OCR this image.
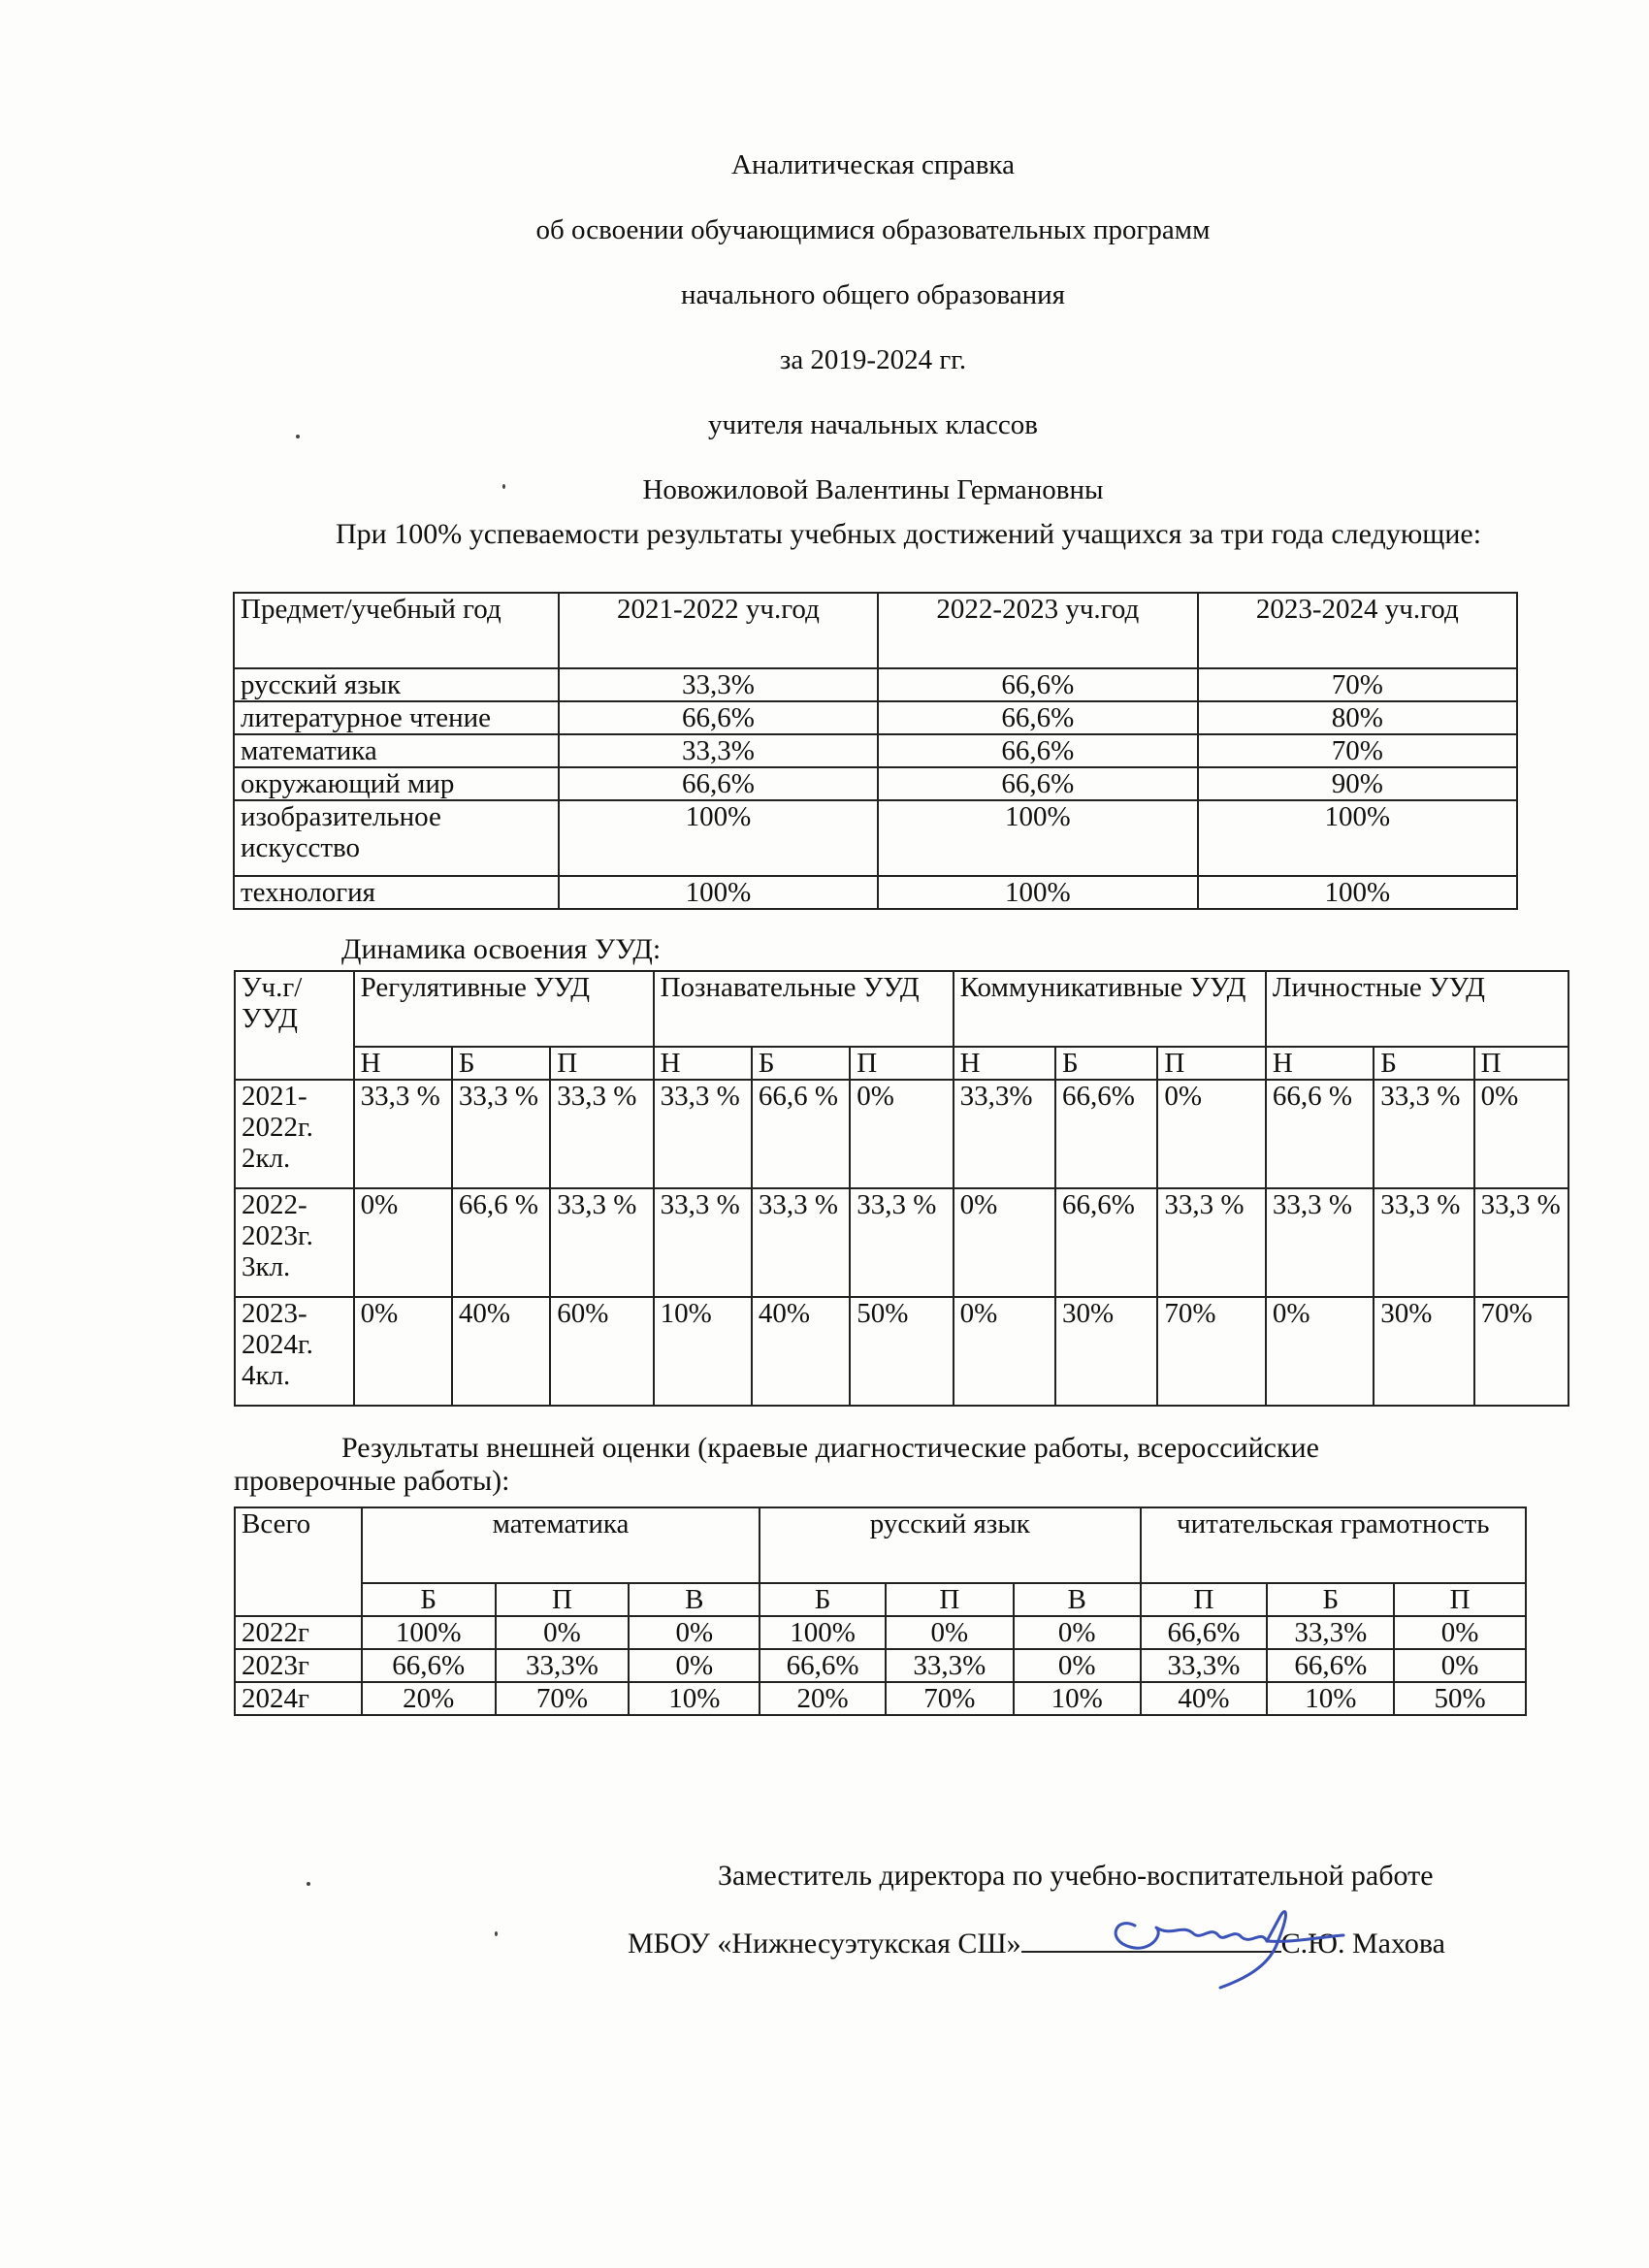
Аналитическая справка
об освоении обучающимися образовательных программ
начального общего образования
за 2019-2024 гг.
учителя начальных классов
Новожиловой Валентины Германовны
При 100% успеваемости результаты учебных достижений учащихся за три года следующие:
Предмет/учебный год	2021-2022 уч.год	2022-2023 уч.год	2023-2024 уч.год
русский язык	33,3%	66,6%	70%
литературное чтение	66,6%	66,6%	80%
математика	33,3%	66,6%	70%
окружающий мир	66,6%	66,6%	90%
изобразительное искусство	100%	100%	100%
технология	100%	100%	100%
Динамика освоения УУД:
Уч.г/ УУД	Регулятивные УУД			Познавательные УУД			Коммуникативные УУД			Личностные УУД		
	Н	Б	П	Н	Б	П	Н	Б	П	Н	Б	П
2021-2022г. 2кл.	33,3 %	33,3 %	33,3 %	33,3 %	66,6 %	0%	33,3%	66,6%	0%	66,6 %	33,3 %	0%
2022-2023г. 3кл.	0%	66,6 %	33,3 %	33,3 %	33,3 %	33,3 %	0%	66,6%	33,3 %	33,3 %	33,3 %	33,3 %
2023-2024г. 4кл.	0%	40%	60%	10%	40%	50%	0%	30%	70%	0%	30%	70%
Результаты внешней оценки (краевые диагностические работы, всероссийские проверочные работы):
Всего	математика			русский язык			читательская грамотность		
	Б	П	В	Б	П	В	П	Б	П
2022г	100%	0%	0%	100%	0%	0%	66,6%	33,3%	0%
2023г	66,6%	33,3%	0%	66,6%	33,3%	0%	33,3%	66,6%	0%
2024г	20%	70%	10%	20%	70%	10%	40%	10%	50%
Заместитель директора по учебно-воспитательной работе
МБОУ «Нижнесуэтукская СШ»	С.Ю. Махова
